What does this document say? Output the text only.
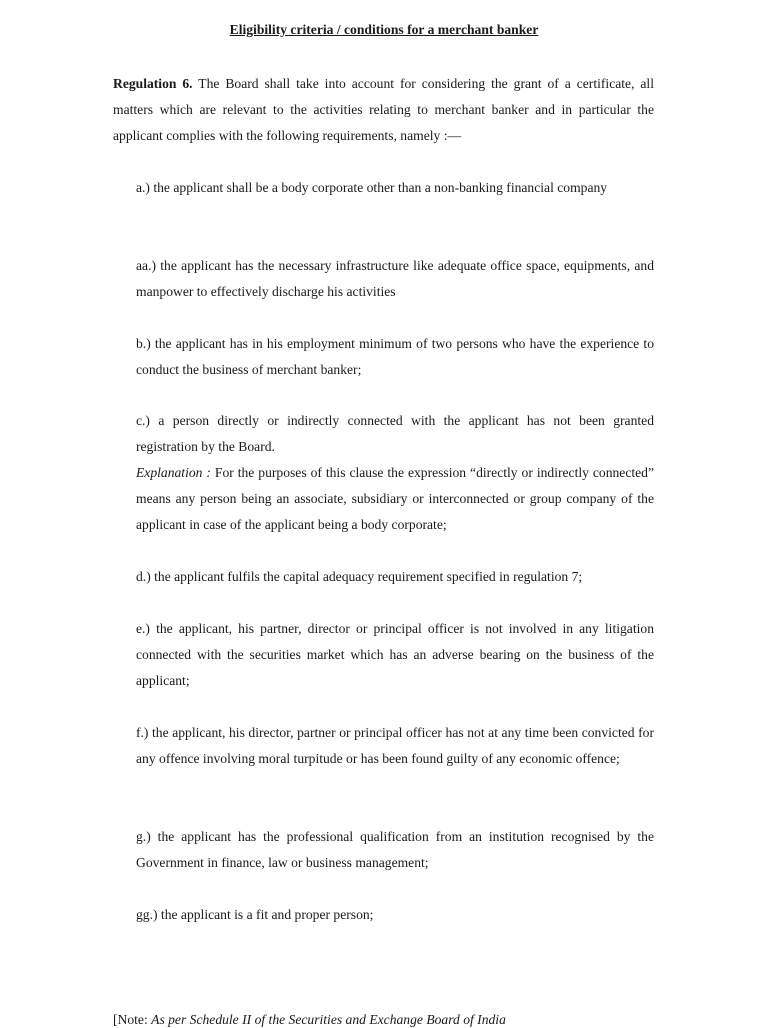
Eligibility criteria / conditions for a merchant banker

Regulation 6. The Board shall take into account for considering the grant of a certificate, all matters which are relevant to the activities relating to merchant banker and in particular the applicant complies with the following requirements, namely :—

a.) the applicant shall be a body corporate other than a non-banking financial company

aa.) the applicant has the necessary infrastructure like adequate office space, equipments, and manpower to effectively discharge his activities

b.) the applicant has in his employment minimum of two persons who have the experience to conduct the business of merchant banker;

c.) a person directly or indirectly connected with the applicant has not been granted registration by the Board.

Explanation : For the purposes of this clause the expression “directly or indirectly connected” means any person being an associate, subsidiary or interconnected or group company of the applicant in case of the applicant being a body corporate;

d.) the applicant fulfils the capital adequacy requirement specified in regulation 7;

e.) the applicant, his partner, director or principal officer is not involved in any litigation connected with the securities market which has an adverse bearing on the business of the applicant;

f.) the applicant, his director, partner or principal officer has not at any time been convicted for any offence involving moral turpitude or has been found guilty of any economic offence;

g.) the applicant has the professional qualification from an institution recognised by the Government in finance, law or business management;

gg.) the applicant is a fit and proper person;

[Note: As per Schedule II of the Securities and Exchange Board of India
